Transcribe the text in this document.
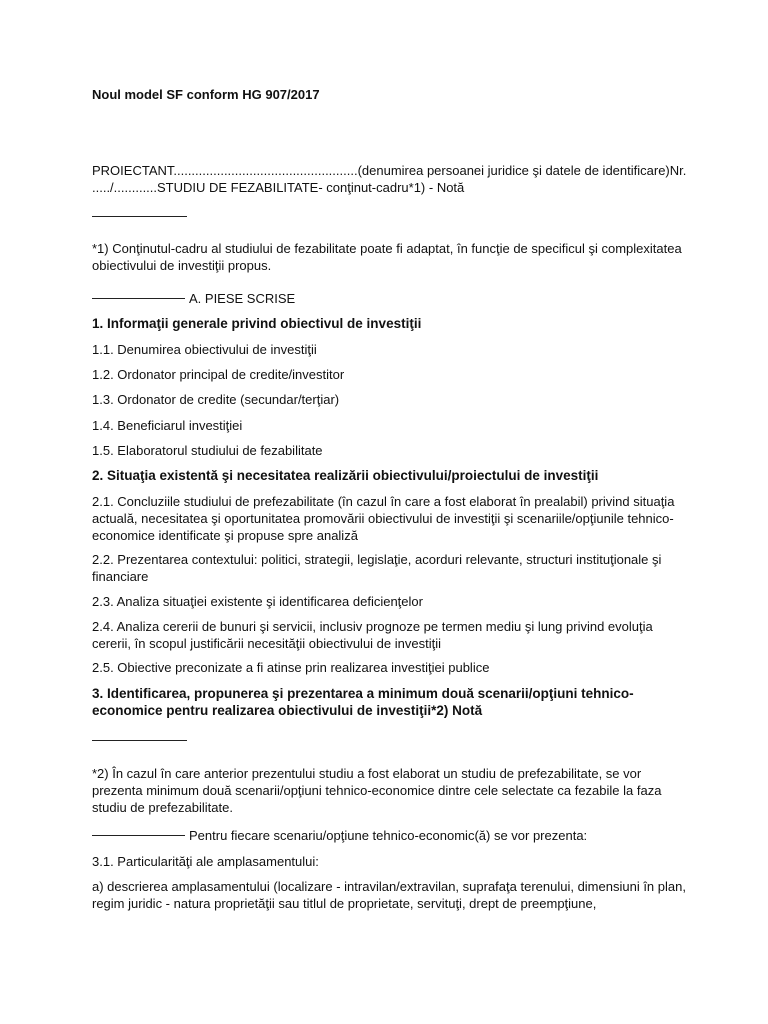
Noul model SF conform HG 907/2017
PROIECTANT...................................................(denumirea persoanei juridice şi datele de identificare)Nr. ...../............STUDIU DE FEZABILITATE- conţinut-cadru*1) - Notă
*1) Conţinutul-cadru al studiului de fezabilitate poate fi adaptat, în funcţie de specificul şi complexitatea obiectivului de investiţii propus.
A. PIESE SCRISE
1. Informaţii generale privind obiectivul de investiţii
1.1. Denumirea obiectivului de investiţii
1.2. Ordonator principal de credite/investitor
1.3. Ordonator de credite (secundar/terţiar)
1.4. Beneficiarul investiţiei
1.5. Elaboratorul studiului de fezabilitate
2. Situaţia existentă şi necesitatea realizării obiectivului/proiectului de investiţii
2.1. Concluziile studiului de prefezabilitate (în cazul în care a fost elaborat în prealabil) privind situaţia actuală, necesitatea şi oportunitatea promovării obiectivului de investiţii şi scenariile/opţiunile tehnico-economice identificate şi propuse spre analiză
2.2. Prezentarea contextului: politici, strategii, legislaţie, acorduri relevante, structuri instituţionale şi financiare
2.3. Analiza situaţiei existente şi identificarea deficienţelor
2.4. Analiza cererii de bunuri şi servicii, inclusiv prognoze pe termen mediu şi lung privind evoluţia cererii, în scopul justificării necesităţii obiectivului de investiţii
2.5. Obiective preconizate a fi atinse prin realizarea investiţiei publice
3. Identificarea, propunerea şi prezentarea a minimum două scenarii/opţiuni tehnico-economice pentru realizarea obiectivului de investiţii*2) Notă
*2) În cazul în care anterior prezentului studiu a fost elaborat un studiu de prefezabilitate, se vor prezenta minimum două scenarii/opţiuni tehnico-economice dintre cele selectate ca fezabile la faza studiu de prefezabilitate.
Pentru fiecare scenariu/opţiune tehnico-economic(ă) se vor prezenta:
3.1. Particularităţi ale amplasamentului:
a) descrierea amplasamentului (localizare - intravilan/extravilan, suprafaţa terenului, dimensiuni în plan, regim juridic - natura proprietăţii sau titlul de proprietate, servituţi, drept de preempţiune,
